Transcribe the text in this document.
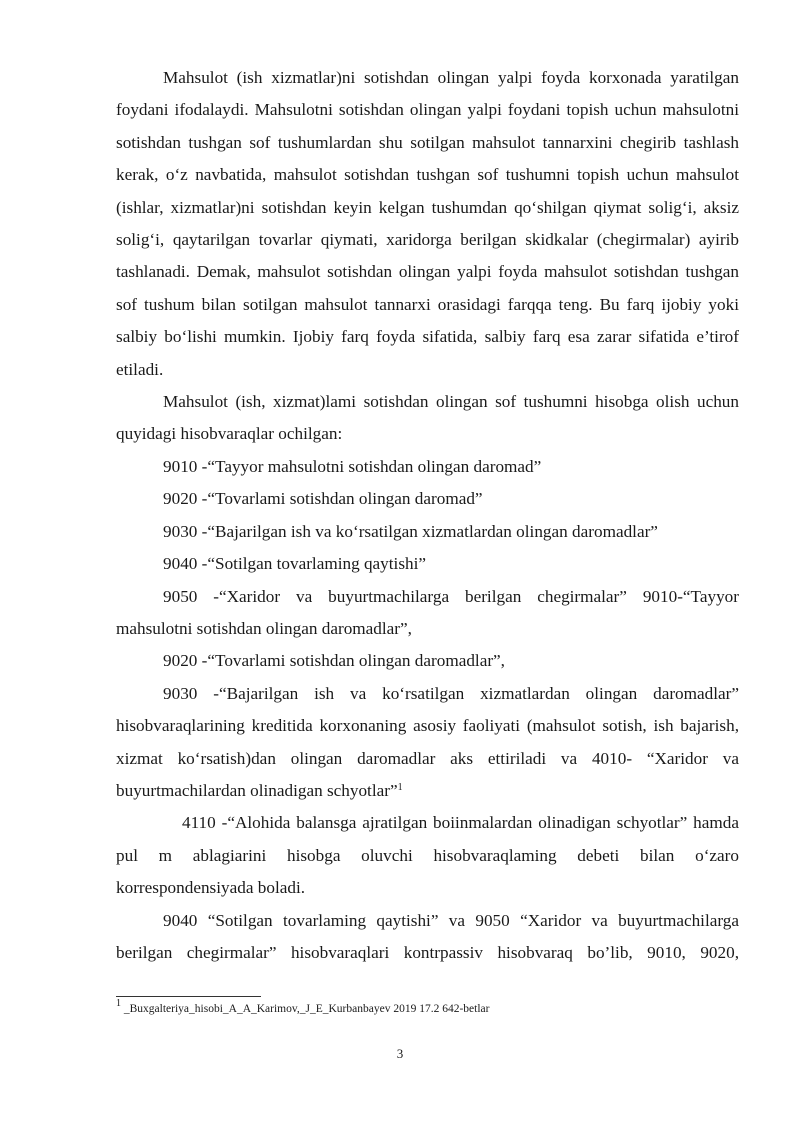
Mahsulot (ish xizmatlar)ni sotishdan olingan yalpi foyda korxonada yaratilgan foydani ifodalaydi. Mahsulotni sotishdan olingan yalpi foydani topish uchun mahsulotni sotishdan tushgan sof tushumlardan shu sotilgan mahsulot tannarxini chegirib tashlash kerak, o‘z navbatida, mahsulot sotishdan tushgan sof tushumni topish uchun mahsulot (ishlar, xizmatlar)ni sotishdan keyin kelgan tushumdan qo‘shilgan qiymat solig‘i, aksiz solig‘i, qaytarilgan tovarlar qiymati, xaridorga berilgan skidkalar (chegirmalar) ayirib tashlanadi. Demak, mahsulot sotishdan olingan yalpi foyda mahsulot sotishdan tushgan sof tushum bilan sotilgan mahsulot tannarxi orasidagi farqqa teng. Bu farq ijobiy yoki salbiy bo‘lishi mumkin. Ijobiy farq foyda sifatida, salbiy farq esa zarar sifatida e’tirof etiladi.

Mahsulot (ish, xizmat)lami sotishdan olingan sof tushumni hisobga olish uchun quyidagi hisobvaraqlar ochilgan:

9010 -“Tayyor mahsulotni sotishdan olingan daromad”

9020 -“Tovarlami sotishdan olingan daromad”

9030 -“Bajarilgan ish va ko‘rsatilgan xizmatlardan olingan daromadlar”

9040 -“Sotilgan tovarlaming qaytishi”

9050 -“Xaridor va buyurtmachilarga berilgan chegirmalar” 9010-“Tayyor mahsulotni sotishdan olingan daromadlar”,

9020 -“Tovarlami sotishdan olingan daromadlar”,

9030 -“Bajarilgan ish va ko‘rsatilgan xizmatlardan olingan daromadlar” hisobvaraqlarining kreditida korxonaning asosiy faoliyati (mahsulot sotish, ish bajarish, xizmat ko‘rsatish)dan olingan daromadlar aks ettiriladi va 4010- “Xaridor va buyurtmachilardan olinadigan schyotlar”$^1$

4110 -“Alohida balansga ajratilgan boiinmalardan olinadigan schyotlar” hamda pul m ablagiarini hisobga oluvchi hisobvaraqlaming debeti bilan o‘zaro korrespondensiyada boladi.

9040 “Sotilgan tovarlaming qaytishi” va 9050 “Xaridor va buyurtmachilarga berilgan chegirmalar” hisobvaraqlari kontrpassiv hisobvaraq bo’lib, 9010, 9020,

$^1$ _Buxgalteriya_hisobi_A_A_Karimov,_J_E_Kurbanbayev 2019 17.2 642-betlar
3
